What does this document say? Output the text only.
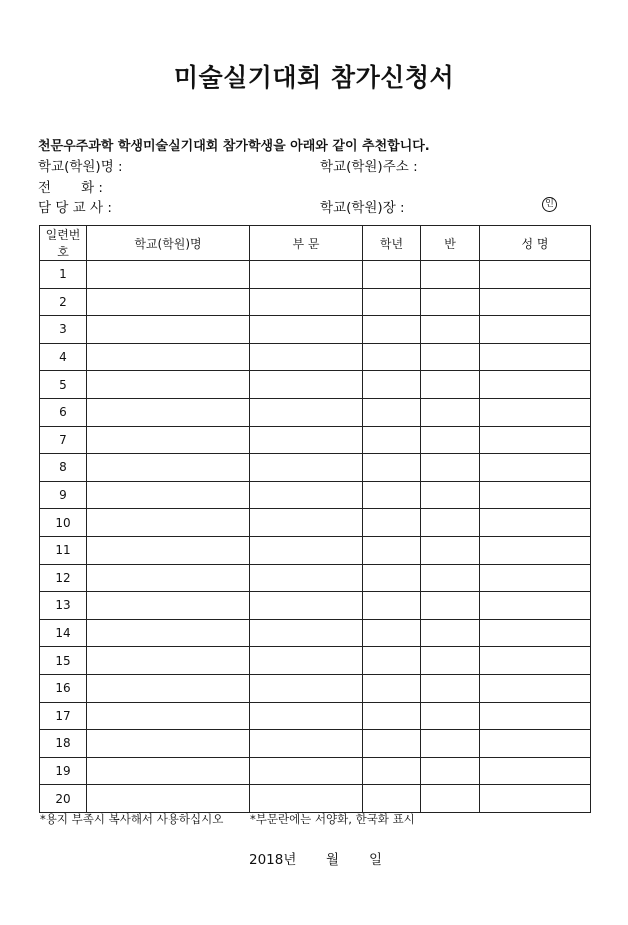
미술실기대회 참가신청서
천문우주과학 학생미술실기대회 참가학생을 아래와 같이 추천합니다.
학교(학원)명 :	학교(학원)주소 :
전       화 :
담 당 교 사 :	학교(학원)장 :	인
일련번호	학교(학원)명	부 문	학년	반	성 명
1					
2					
3					
4					
5					
6					
7					
8					
9					
10					
11					
12					
13					
14					
15					
16					
17					
18					
19					
20					
*용지 부족시 복사해서 사용하십시오 *부문란에는 서양화, 한국화 표시
2018년 월 일
